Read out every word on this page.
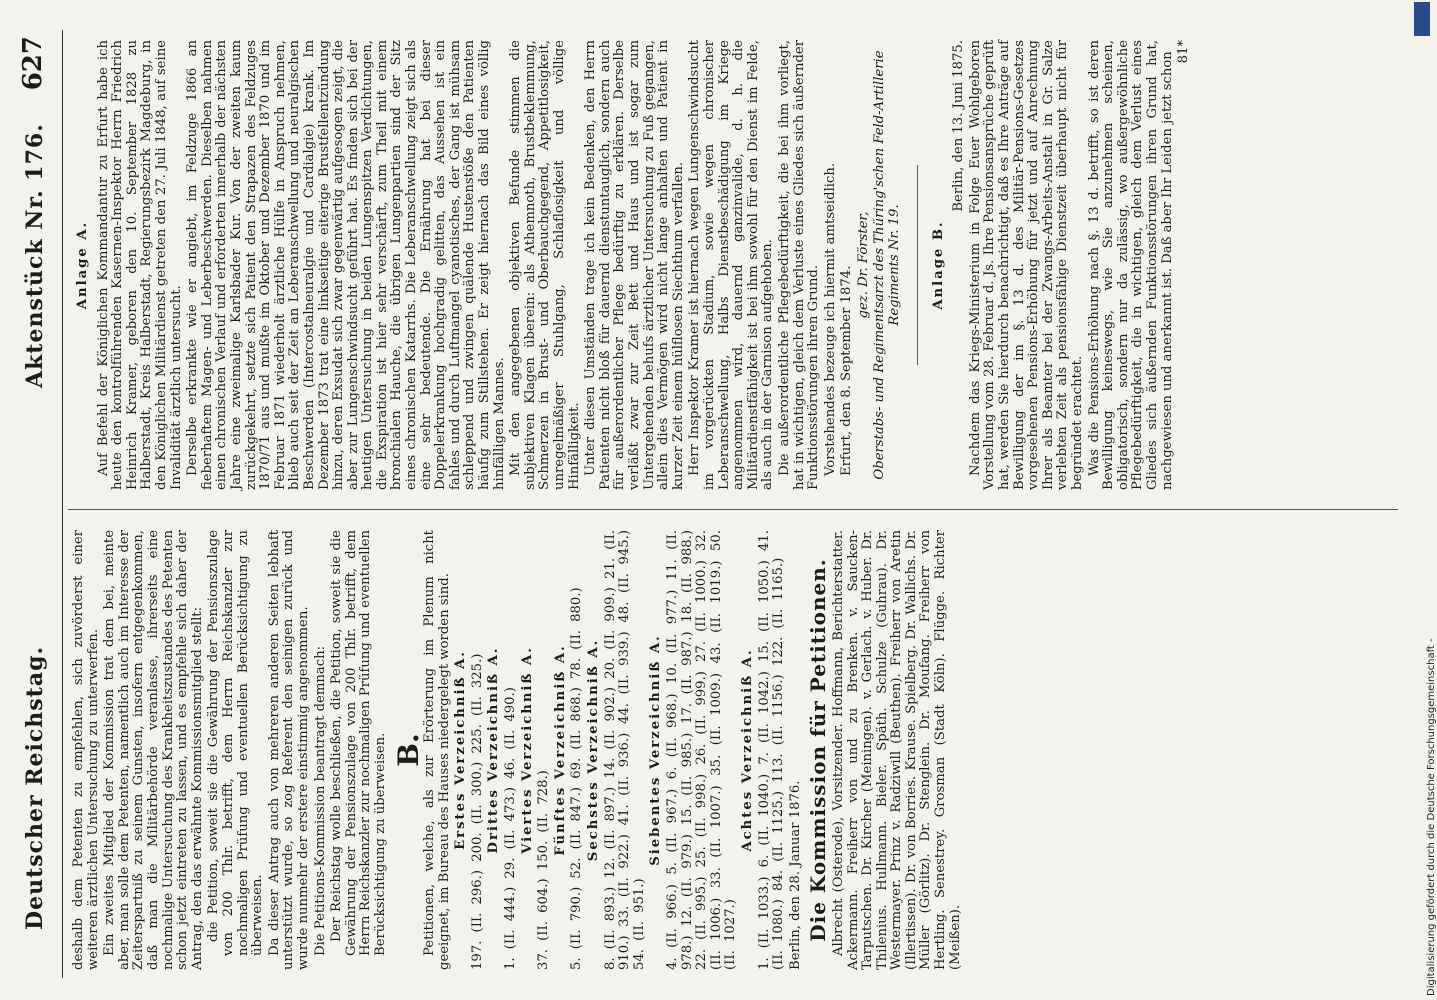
Deutscher Reichstag.
Aktenstück Nr. 176.
627

deshalb dem Petenten zu empfehlen, sich zuvörderst einer weiteren ärztlichen Untersuchung zu unterwerfen. Ein zweites Mitglied der Kommission trat dem bei, meinte aber, man solle dem Petenten, namentlich auch im Interesse der Zeiterspartniß zu seinem Gunsten, insofern entgegenkommen, daß man die Militärbehörde veranlasse, ihrerseits eine nochmalige Untersuchung des Krankheitszustandes des Petenten schon jetzt eintreten zu lassen, und es empfehle sich daher der Antrag, den das erwähnte Kommissionsmitglied stellt: die Petition, soweit sie die Gewährung der Pensionszulage von 200 Thlr. betrifft, dem Herrn Reichskanzler zur nochmaligen Prüfung und eventuellen Berücksichtigung zu überweisen. Da dieser Antrag auch von mehreren anderen Seiten lebhaft unterstützt wurde, so zog Referent den seinigen zurück und wurde nunmehr der erstere einstimmig angenommen. Die Petitions-Kommission beantragt demnach: Der Reichstag wolle beschließen, die Petition, soweit sie die Gewährung der Pensionszulage von 200 Thlr. betrifft, dem Herrn Reichskanzler zur nochmaligen Prüfung und eventuellen Berücksichtigung zu überweisen. B.

Petitionen, welche, als zur Erörterung im Plenum nicht geeignet, im Bureau des Hauses niedergelegt worden sind. Erstes Verzeichniß A. 197. (II. 296.) 200. (II. 300.) 225. (II. 325.) Drittes Verzeichniß A. 1. (II. 444.) 29. (II. 473.) 46. (II. 490.) Viertes Verzeichniß A.

37. (II. 604.) 150. (II. 728.)

Fünftes Verzeichniß A. 5. (II. 790.) 52. (II. 847.) 69. (II. 868.) 78. (II. 880.) Sechstes Verzeichniß A. 8. (II. 893.) 12. (II. 897.) 14. (II. 902.) 20. (II. 909.) 21. (II. 910.) 33. (II. 922.) 41. (II. 936.) 44. (II. 939.) 48. (II. 945.) 54. (II. 951.)

Siebentes Verzeichniß A. 4. (II. 966.) 5. (II. 967.) 6. (II. 968.) 10. (II. 977.) 11. (II. 978.) 12. (II. 979.) 15. (II. 985.) 17. (II. 987.) 18. (II. 988.) 22. (II. 995.) 25. (II. 998.) 26. (II. 999.) 27. (II. 1000.) 32. (II. 1006.) 33. (II. 1007.) 35. (II. 1009.) 43. (II. 1019.) 50. (II. 1027.)

Achtes Verzeichniß A. 1. (II. 1033.) 6. (II. 1040.) 7. (II. 1042.) 15. (II. 1050.) 41. (II. 1080.) 84. (II. 1125.) 113. (II. 1156.) 122. (II. 1165.) Berlin, den 28. Januar 1876. Die Kommission für Petitionen. Albrecht (Osterode), Vorsitzender. Hoffmann, Berichterstatter. Ackermann. Freiherr von und zu Brenken. v. Saucken-Tarputschen. Dr. Kircher (Meiningen). v. Gerlach. v. Huber. Dr. Thilenius. Hullmann. Bieler. Späth. Schulze (Guhrau). Dr. Westermayer. Prinz v. Radziwill (Beuthen). Freiherr von Aretin (Illertissen). Dr. von Borries. Krause. Spielberg. Dr. Wallichs. Dr. Müller (Görlitz). Dr. Stenglein. Dr. Moufang. Freiherr von Hertling. Senestrey. Grosman (Stadt Köln). Flügge. Richter (Meißen).

Anlage A. Auf Befehl der Königlichen Kommandantur zu Erfurt habe ich heute den kontrolführenden Kasernen-Inspektor Herrn Friedrich Heinrich Kramer, geboren den 10. September 1828 zu Halberstadt, Kreis Halberstadt, Regierungsbezirk Magdeburg, in den Königlichen Militärdienst getreten den 27. Juli 1848, auf seine Invalidität ärztlich untersucht. Derselbe erkrankte wie er angiebt, im Feldzuge 1866 an fieberhaftem Magen- und Leberbeschwerden. Dieselben nahmen einen chronischen Verlauf und erforderten innerhalb der nächsten Jahre eine zweimalige Karlsbader Kur. Von der zweiten kaum zurückgekehrt, setzte sich Patient den Strapazen des Feldzuges 1870/71 aus und mußte im Oktober und Dezember 1870 und im Februar 1871 wiederholt ärztliche Hülfe in Anspruch nehmen, blieb auch seit der Zeit an Leberanschwellung und neuralgischen Beschwerden (Intercostalneuralgie und Cardialgie) krank. Im Dezember 1873 trat eine linkseitige eiterige Brustfellentzündung hinzu, deren Exsudat sich zwar gegenwärtig aufgesogen zeigt, die aber zur Lungenschwindsucht geführt hat. Es finden sich bei der heutigen Untersuchung in beiden Lungenspitzen Verdichtungen, die Exspiration ist hier sehr verschärft, zum Theil mit einem bronchialen Hauche, die übrigen Lungenpartien sind der Sitz eines chronischen Katarrhs. Die Leberanschwellung zeigt sich als eine sehr bedeutende. Die Ernährung hat bei dieser Doppelerkrankung hochgradig gelitten, das Aussehen ist ein fahles und durch Luftmangel cyanotisches, der Gang ist mühsam schleppend und zwingen quälende Hustenstöße den Patienten häufig zum Stillstehen. Er zeigt hiernach das Bild eines völlig hinfälligen Mannes. Mit den angegebenen objektiven Befunde stimmen die subjektiven Klagen überein: als Athemnoth, Brustbeklemmung, Schmerzen in Brust- und Oberbauchgegend, Appetitlosigkeit, unregelmäßiger Stuhlgang, Schlaflosigkeit und völlige Hinfälligkeit. Unter diesen Umständen trage ich kein Bedenken, den Herrn Patienten nicht bloß für dauernd dienstuntauglich, sondern auch für außerordentlicher Pflege bedürftig zu erklären. Derselbe verläßt zwar zur Zeit Bett und Haus und ist sogar zum Untergehenden behufs ärztlicher Untersuchung zu Fuß gegangen, allein dies Vermögen wird nicht lange anhalten und Patient in kurzer Zeit einem hülflosen Siechthum verfallen. Herr Inspektor Kramer ist hiernach wegen Lungenschwindsucht im vorgerückten Stadium, sowie wegen chronischer Leberanschwellung, Halbs Dienstbeschädigung im Kriege angenommen wird, dauernd ganzinvalide, d. h. die Militärdienstfähigkeit ist bei ihm sowohl für den Dienst im Felde, als auch in der Garnison aufgehoben. Die außerordentliche Pflegebedürftigkeit, die bei ihm vorliegt, hat in wichtigen, gleich dem Verluste eines Gliedes sich äußernder Funktionsstörungen ihren Grund. Vorstehendes bezeuge ich hiermit amtseidlich. Erfurt, den 8. September 1874.

gez. Dr. Förster, Oberstabs- und Regimentsarzt des Thüring'schen Feld-Artillerie Regiments Nr. 19. Anlage B.

Berlin, den 13. Juni 1875. Nachdem das Kriegs-Ministerium in Folge Euer Wohlgeboren Vorstellung vom 28. Februar d. Js. Ihre Pensionsansprüche geprüft hat, werden Sie hierdurch benachrichtigt, daß es Ihre Anträge auf Bewilligung der im §. 13 d. des Militär-Pensions-Gesetzes vorgesehenen Pensions-Erhöhung für jetzt und auf Anrechnung Ihrer als Beamter bei der Zwangs-Arbeits-Anstalt in Gr. Salze verlebten Zeit als pensionsfähige Dienstzeit überhaupt nicht für begründet erachtet. Was die Pensions-Erhöhung nach §. 13 d. betrifft, so ist deren Bewilligung keineswegs, wie Sie anzunehmen scheinen, obligatorisch, sondern nur da zulässig, wo außergewöhnliche Pflegebedürftigkeit, die in wichtigen, gleich dem Verlust eines Gliedes sich äußernden Funktionsstörungen ihren Grund hat, nachgewiesen und anerkannt ist. Daß aber Ihr Leiden jetzt schon 81*

Digitalisierung gefördert durch die Deutsche Forschungsgemeinschaft -
